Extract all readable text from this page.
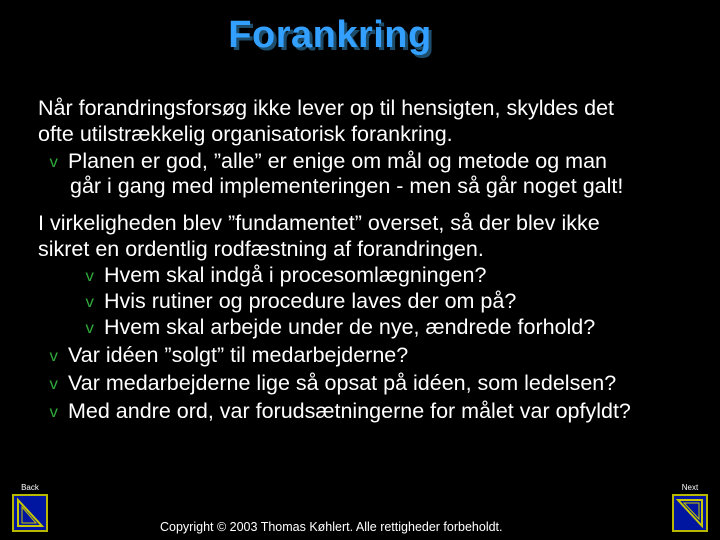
Forankring
Når forandringsforsøg ikke lever op til hensigten, skyldes det
ofte utilstrækkelig organisatorisk forankring.
v Planen er god, ”alle” er enige om mål og metode og man
går i gang med implementeringen - men så går noget galt!
I virkeligheden blev ”fundamentet” overset, så der blev ikke
sikret en ordentlig rodfæstning af forandringen.
v Hvem skal indgå i procesomlægningen?
v Hvis rutiner og procedure laves der om på?
v Hvem skal arbejde under de nye, ændrede forhold?
v Var idéen ”solgt” til medarbejderne?
v Var medarbejderne lige så opsat på idéen, som ledelsen?
v Med andre ord, var forudsætningerne for målet var opfyldt?
Back	Next
Copyright © 2003 Thomas Køhlert. Alle rettigheder forbeholdt.
